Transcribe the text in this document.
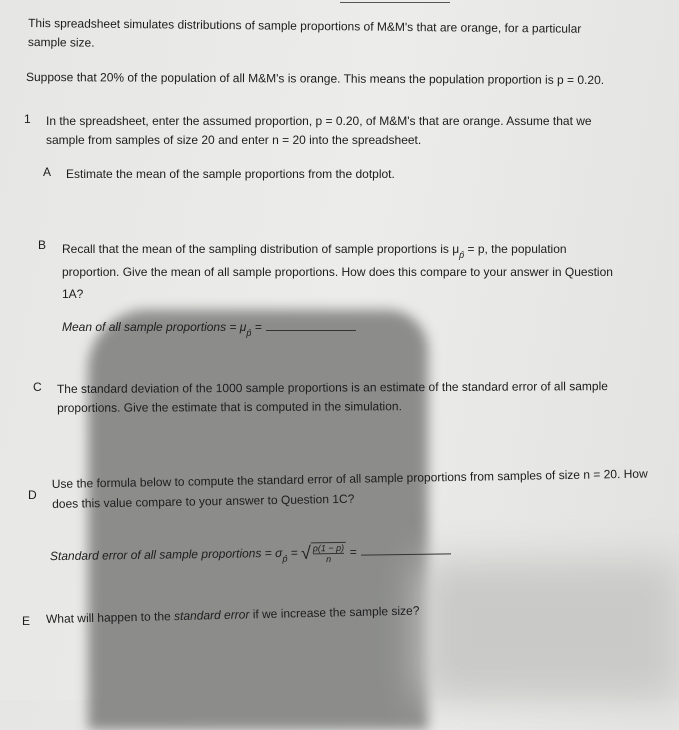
This spreadsheet simulates distributions of sample proportions of M&M's that are orange, for a particular sample size.
Suppose that 20% of the population of all M&M's is orange. This means the population proportion is p = 0.20.
1 In the spreadsheet, enter the assumed proportion, p = 0.20, of M&M's that are orange. Assume that we sample from samples of size 20 and enter n = 20 into the spreadsheet.
A Estimate the mean of the sample proportions from the dotplot.
B Recall that the mean of the sampling distribution of sample proportions is $\mu_{p̂} = p$, the population proportion. Give the mean of all sample proportions. How does this compare to your answer in Question 1A?
Mean of all sample proportions = $\mu_{p̂}$ =
C The standard deviation of the 1000 sample proportions is an estimate of the standard error of all sample proportions. Give the estimate that is computed in the simulation.
D
Use the formula below to compute the standard error of all sample proportions from samples of size n = 20. How does this value compare to your answer to Question 1C?
Standard error of all sample proportions = $\sigma_{p̂}$ = √ $\frac{p(1 - p)}{n}$ =
E What will happen to the standard error if we increase the sample size?
